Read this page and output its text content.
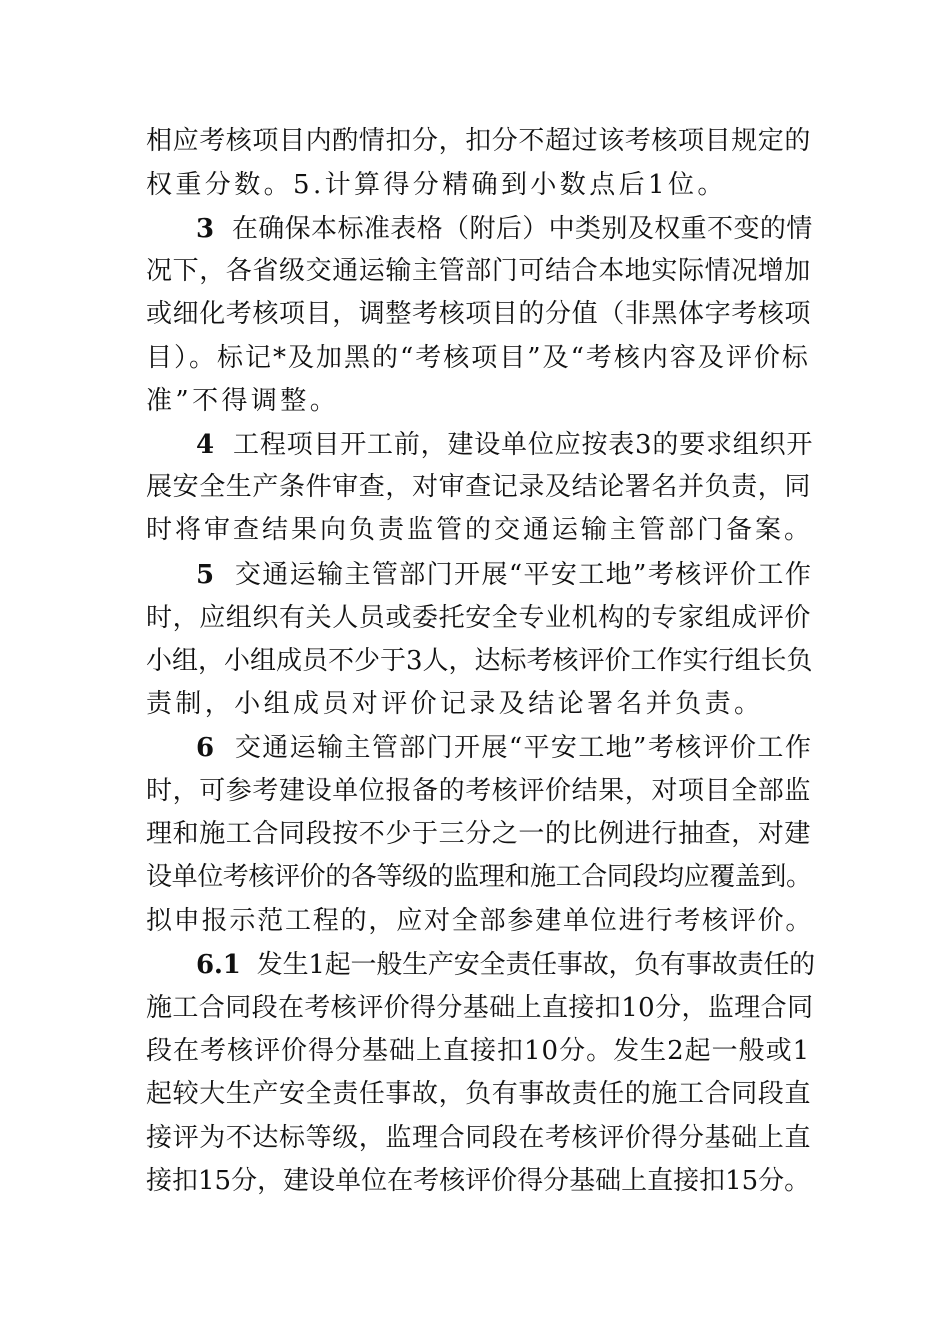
相应考核项目内酌情扣分，扣分不超过该考核项目规定的
权重分数。5.计算得分精确到小数点后1位。
3 在确保本标准表格（附后）中类别及权重不变的情
况下，各省级交通运输主管部门可结合本地实际情况增加
或细化考核项目，调整考核项目的分值（非黑体字考核项
目）。标记*及加黑的“考核项目”及“考核内容及评价标
准”不得调整。
4 工程项目开工前，建设单位应按表3的要求组织开
展安全生产条件审查，对审查记录及结论署名并负责，同
时将审查结果向负责监管的交通运输主管部门备案。
5 交通运输主管部门开展“平安工地”考核评价工作
时，应组织有关人员或委托安全专业机构的专家组成评价
小组，小组成员不少于3人，达标考核评价工作实行组长负
责制，小组成员对评价记录及结论署名并负责。
6 交通运输主管部门开展“平安工地”考核评价工作
时，可参考建设单位报备的考核评价结果，对项目全部监
理和施工合同段按不少于三分之一的比例进行抽查，对建
设单位考核评价的各等级的监理和施工合同段均应覆盖到。
拟申报示范工程的，应对全部参建单位进行考核评价。
6.1 发生1起一般生产安全责任事故，负有事故责任的
施工合同段在考核评价得分基础上直接扣10分，监理合同
段在考核评价得分基础上直接扣10分。发生2起一般或1
起较大生产安全责任事故，负有事故责任的施工合同段直
接评为不达标等级，监理合同段在考核评价得分基础上直
接扣15分，建设单位在考核评价得分基础上直接扣15分。
